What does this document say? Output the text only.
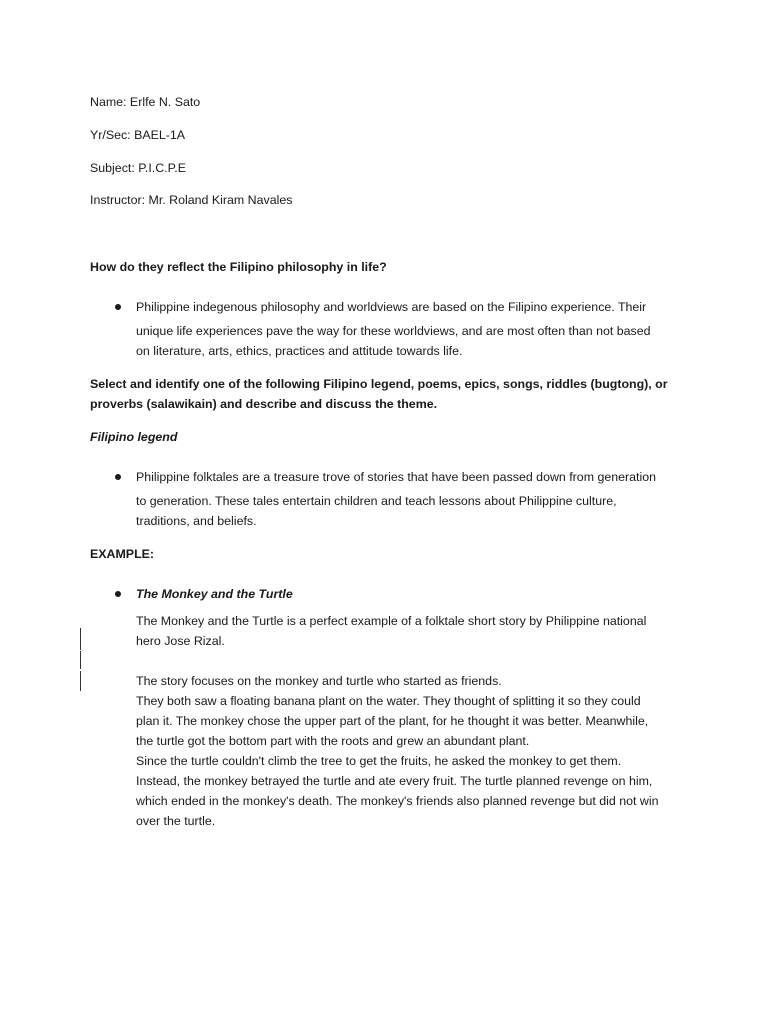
Name: Erlfe N. Sato
Yr/Sec: BAEL-1A
Subject: P.I.C.P.E
Instructor: Mr. Roland Kiram Navales
How do they reflect the Filipino philosophy in life?
Philippine indegenous philosophy and worldviews are based on the Filipino experience. Their
unique life experiences pave the way for these worldviews, and are most often than not based
on literature, arts, ethics, practices and attitude towards life.
Select and identify one of the following Filipino legend, poems, epics, songs, riddles (bugtong), or
proverbs (salawikain) and describe and discuss the theme.
Filipino legend
Philippine folktales are a treasure trove of stories that have been passed down from generation
to generation. These tales entertain children and teach lessons about Philippine culture,
traditions, and beliefs.
EXAMPLE:
The Monkey and the Turtle
The Monkey and the Turtle is a perfect example of a folktale short story by Philippine national
hero Jose Rizal.
The story focuses on the monkey and turtle who started as friends.
They both saw a floating banana plant on the water. They thought of splitting it so they could
plan it. The monkey chose the upper part of the plant, for he thought it was better. Meanwhile,
the turtle got the bottom part with the roots and grew an abundant plant.
Since the turtle couldn't climb the tree to get the fruits, he asked the monkey to get them.
Instead, the monkey betrayed the turtle and ate every fruit. The turtle planned revenge on him,
which ended in the monkey's death. The monkey's friends also planned revenge but did not win
over the turtle.
